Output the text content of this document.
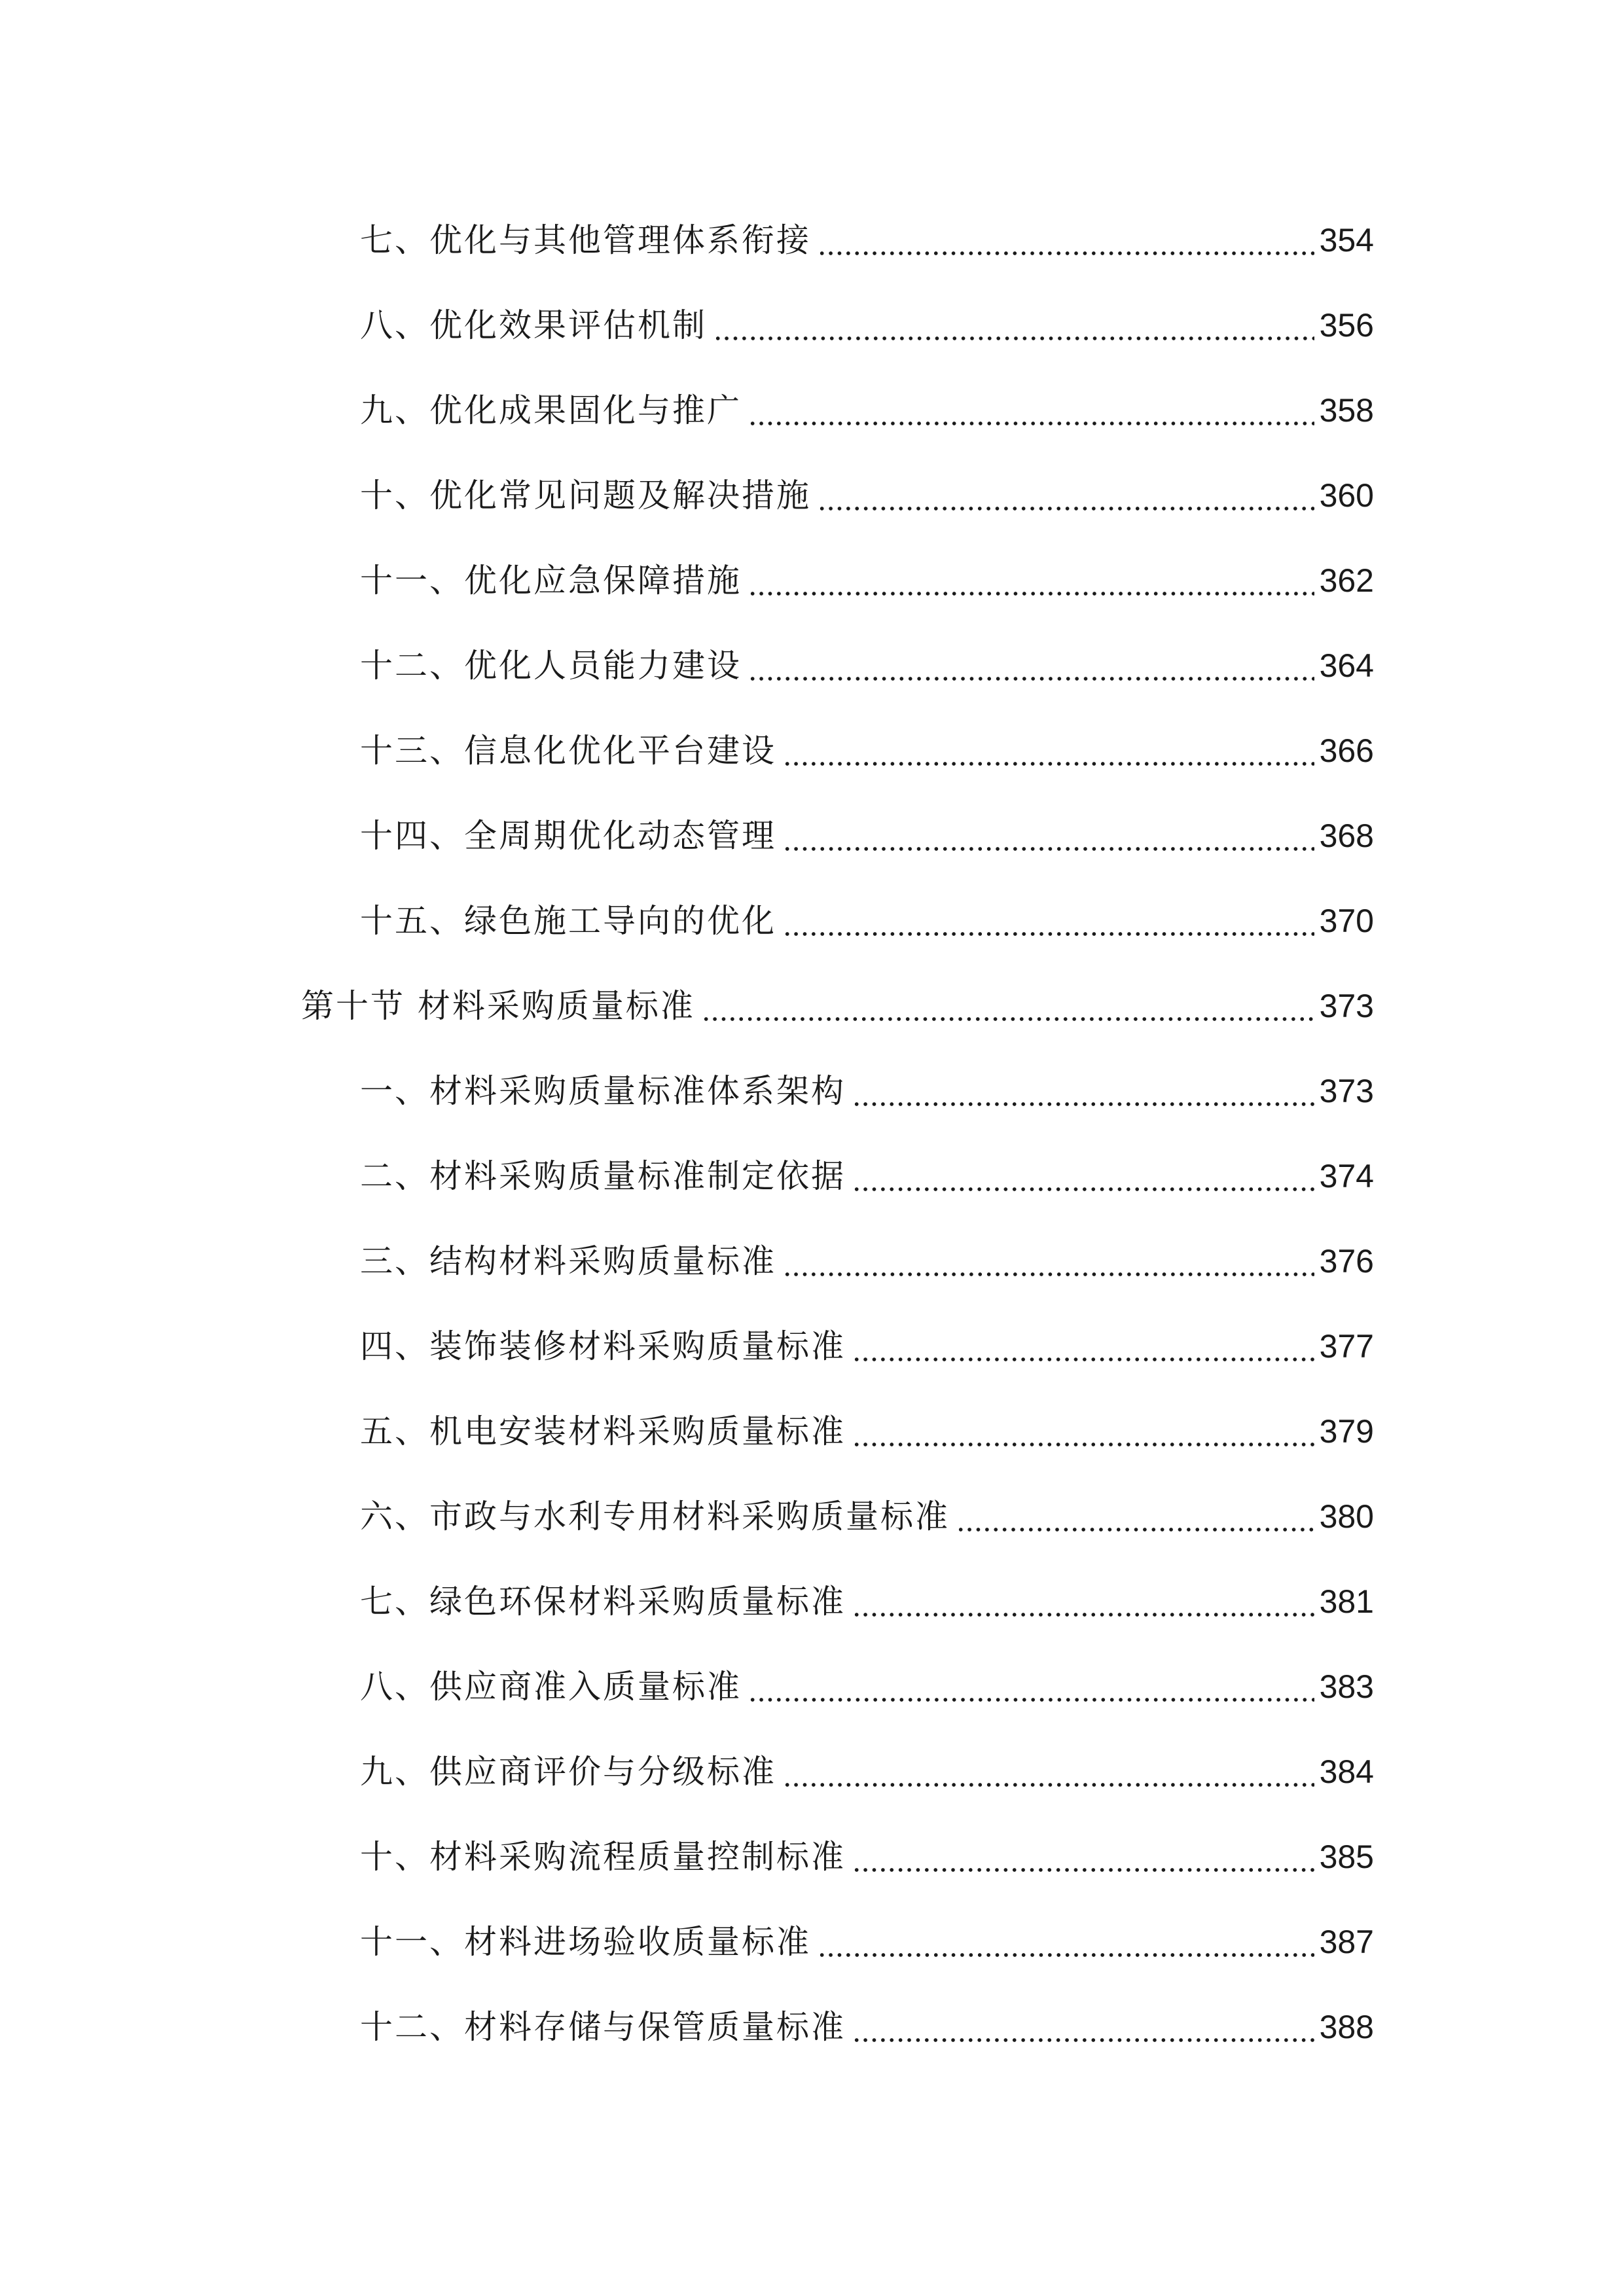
七、优化与其他管理体系衔接	354
八、优化效果评估机制	356
九、优化成果固化与推广	358
十、优化常见问题及解决措施	360
十一、优化应急保障措施	362
十二、优化人员能力建设	364
十三、信息化优化平台建设	366
十四、全周期优化动态管理	368
十五、绿色施工导向的优化	370
第十节 材料采购质量标准	373
一、材料采购质量标准体系架构	373
二、材料采购质量标准制定依据	374
三、结构材料采购质量标准	376
四、装饰装修材料采购质量标准	377
五、机电安装材料采购质量标准	379
六、市政与水利专用材料采购质量标准	380
七、绿色环保材料采购质量标准	381
八、供应商准入质量标准	383
九、供应商评价与分级标准	384
十、材料采购流程质量控制标准	385
十一、材料进场验收质量标准	387
十二、材料存储与保管质量标准	388
